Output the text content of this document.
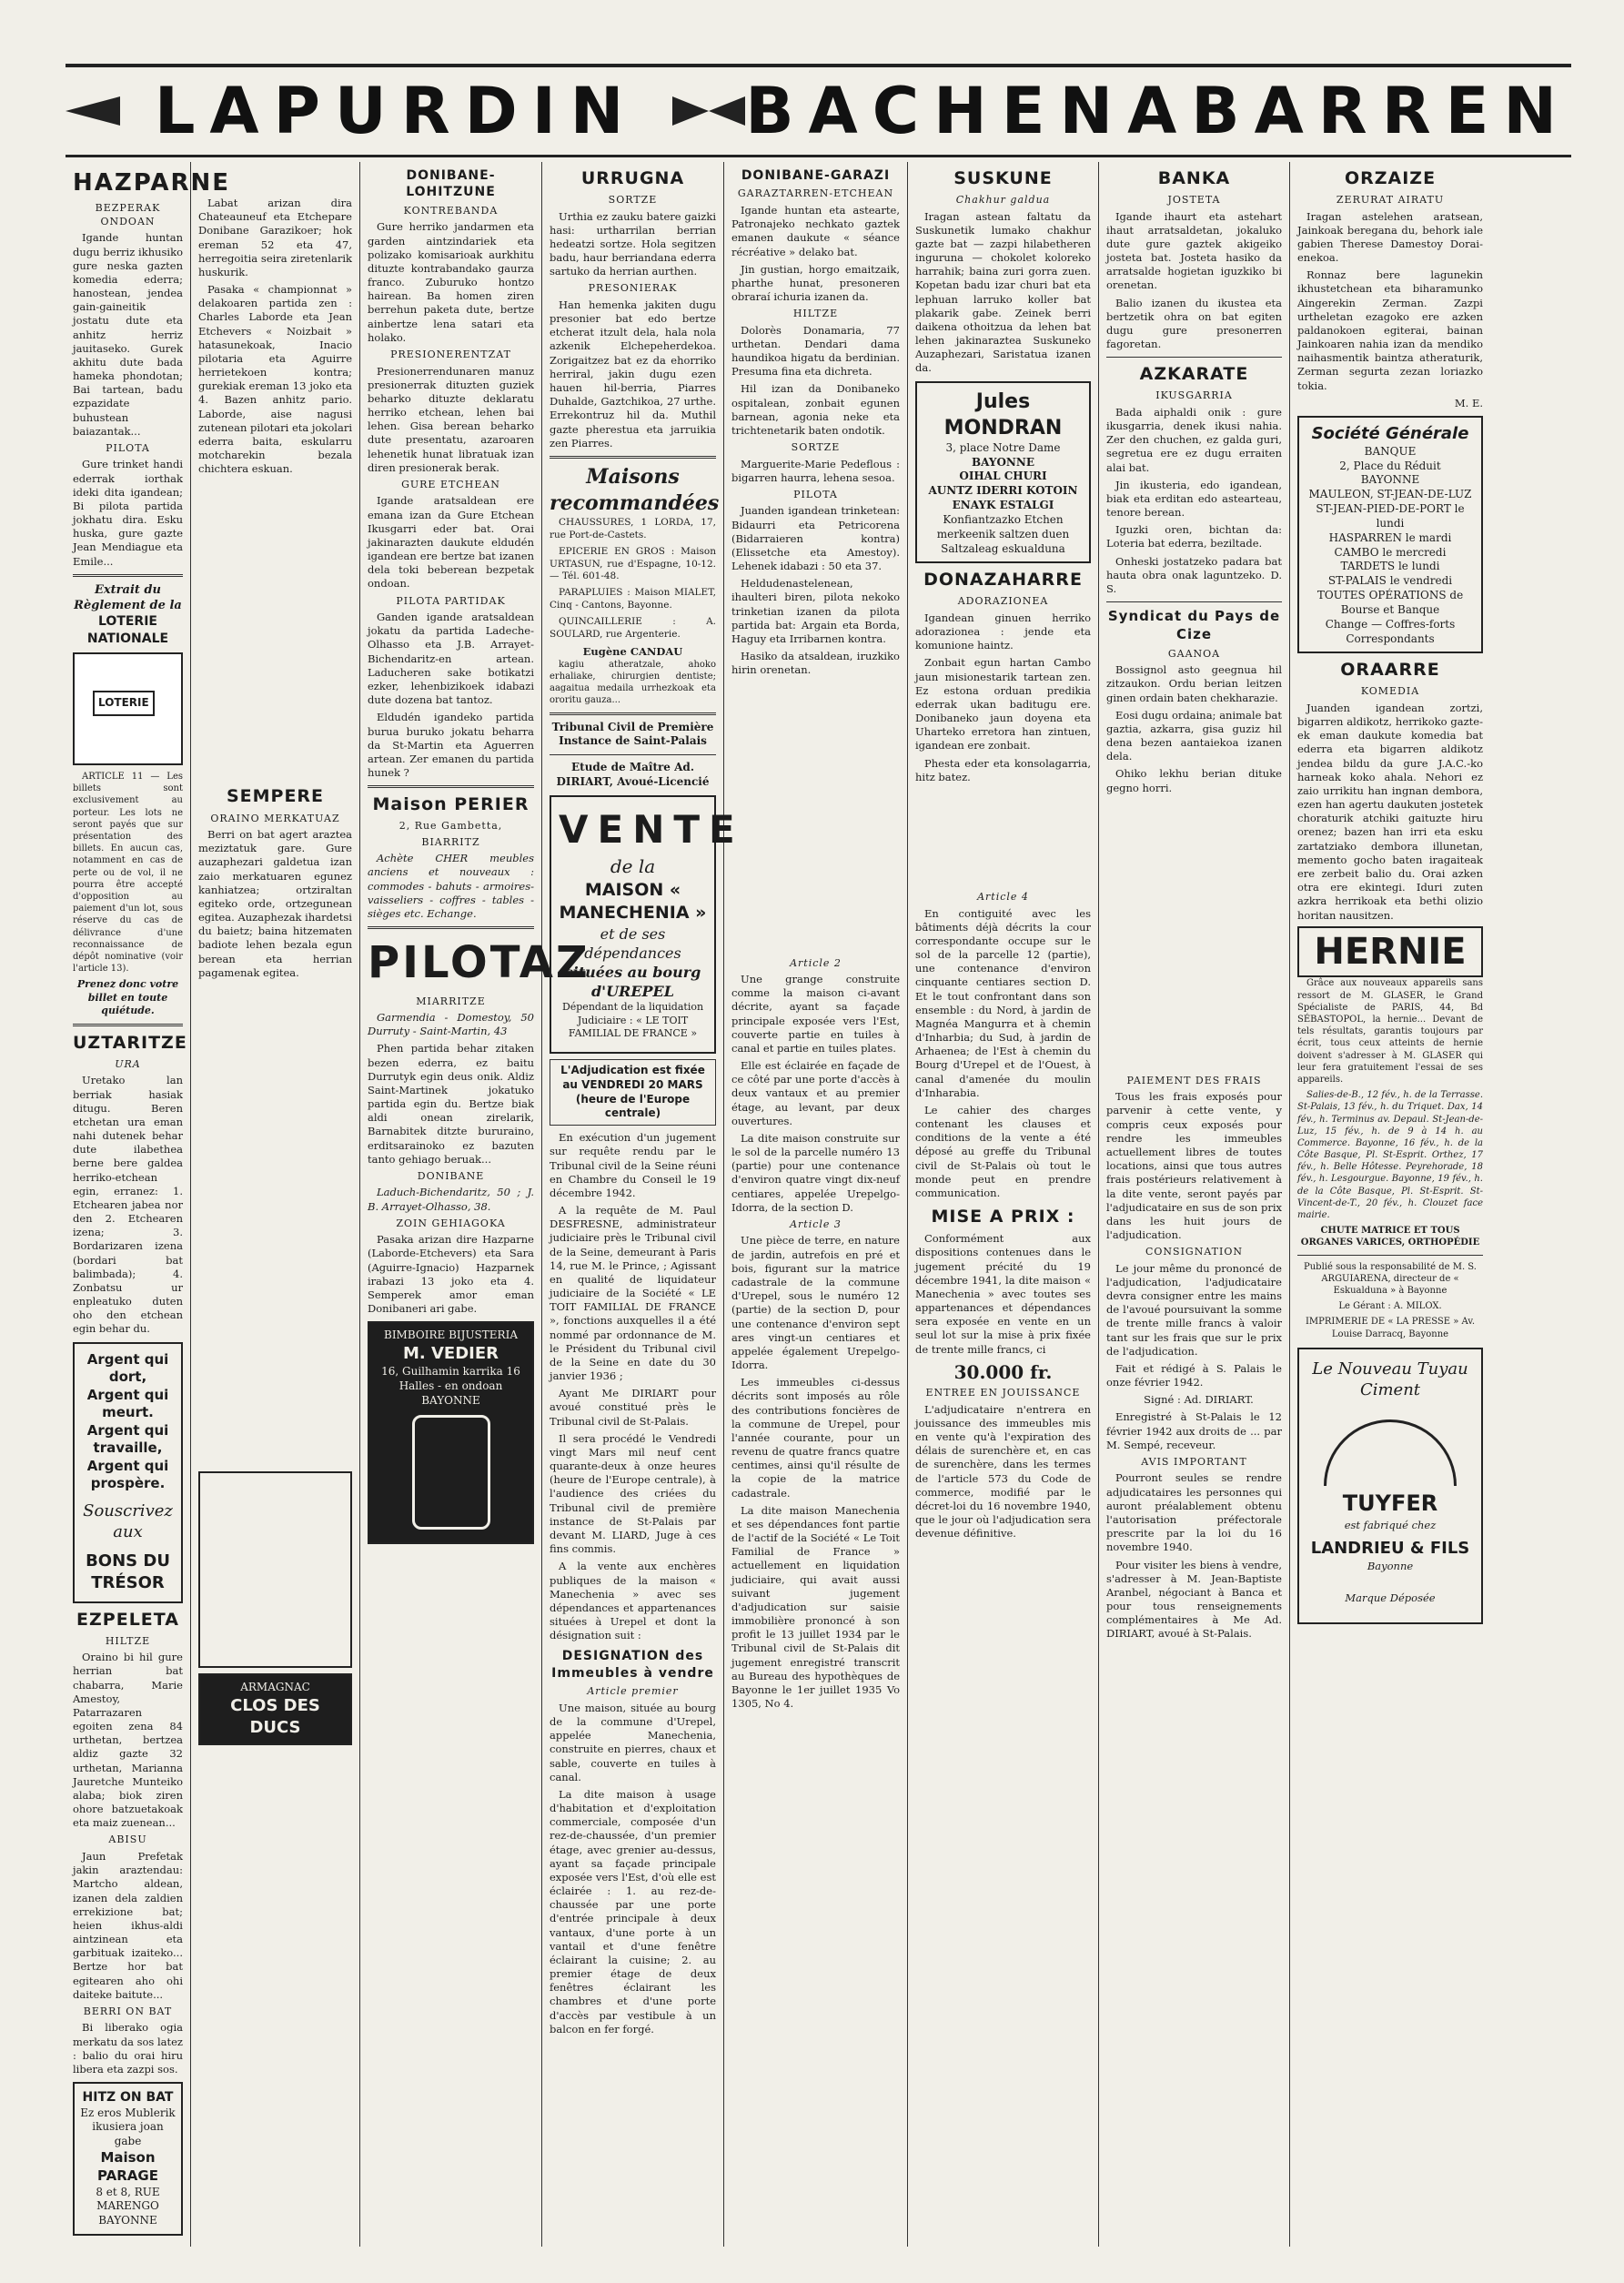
LAPURDIN	BACHENABARREN
HAZPARNE
BEZPERAK ONDOAN

Igande huntan dugu berriz ikhusiko gure neska gazten komedia ederra; hanostean, jendea gain-gaineitik jostatu dute eta anhitz herriz jauitaseko. Gurek akhitu dute bada hameka phondotan; Bai tartean, badu ezpazidate buhustean baiazantak...

PILOTA

Gure trinket handi ederrak iorthak ideki dita igandean; Bi pilota partida jokhatu dira. Esku huska, gure gazte Jean Mendiague eta Emile...

Extrait du Règlement de la
LOTERIE NATIONALE
LOTERIE

ARTICLE 11 — Les billets sont exclusivement au porteur. Les lots ne seront payés que sur présentation des billets. En aucun cas, notamment en cas de perte ou de vol, il ne pourra être accepté d'opposition au paiement d'un lot, sous réserve du cas de délivrance d'une reconnaissance de dépôt nominative (voir l'article 13).

Prenez donc votre billet en toute quiétude.
UZTARITZE
URA

Uretako lan berriak hasiak ditugu. Beren etchetan ura eman nahi dutenek behar dute ilabethea berne bere galdea herriko-etchean egin, erranez: 1. Etchearen jabea nor den 2. Etchearen izena; 3. Bordarizaren izena (bordari bat balimbada); 4. Zonbatsu ur enpleatuko duten oho den etchean egin behar du.

Argent qui dort,
Argent qui meurt.
Argent qui travaille,
Argent qui prospère.
Souscrivez aux
BONS DU TRÉSOR
EZPELETA
HILTZE

Oraino bi hil gure herrian bat chabarra, Marie Amestoy, Patarrazaren egoiten zena 84 urthetan, bertzea aldiz gazte 32 urthetan, Marianna Jauretche Munteiko alaba; biok ziren ohore batzuetakoak eta maiz zuenean...

ABISU

Jaun Prefetak jakin araztendau: Martcho aldean, izanen dela zaldien errekizione bat; heien ikhus-aldi aintzinean eta garbituak izaiteko... Bertze hor bat egitearen aho ohi daiteke baitute...

BERRI ON BAT

Bi liberako ogia merkatu da sos latez : balio du orai hiru libera eta zazpi sos.

HITZ ON BAT
Ez eros Mublerik ikusiera joan gabe
Maison PARAGE
8 et 8, RUE MARENGO
BAYONNE

Labat arizan dira Chateauneuf eta Etchepare Donibane Garazikoer; hok ereman 52 eta 47, herregoitia seira ziretenlarik huskurik.

Pasaka « championnat » delakoaren partida zen : Charles Laborde eta Jean Etchevers « Noizbait » hatasunekoak, Inacio pilotaria eta Aguirre herrietekoen kontra; gurekiak ereman 13 joko eta 4. Bazen anhitz pario. Laborde, aise nagusi zutenean pilotari eta jokolari ederra baita, eskularru motcharekin bezala chichtera eskuan.

SEMPERE
ORAINO MERKATUAZ

Berri on bat agert araztea meziztatuk gare. Gure auzaphezari galdetua izan zaio merkatuaren egunez kanhiatzea; ortziraltan egiteko orde, ortzegunean egitea. Auzaphezak ihardetsi du baietz; baina hitzematen badiote lehen bezala egun berean eta herrian pagamenak egitea.

ARMAGNAC
CLOS DES DUCS
DONIBANE-LOHITZUNE
KONTREBANDA

Gure herriko jandarmen eta garden aintzindariek eta polizako komisarioak aurkhitu dituzte kontrabandako gaurza franco. Zuburuko hontzo hairean. Ba homen ziren berrehun paketa dute, bertze ainbertze lena satari eta holako.

PRESIONERENTZAT

Presionerrendunaren manuz presionerrak dituzten guziek beharko dituzte deklaratu herriko etchean, lehen bai lehen. Gisa berean beharko dute presentatu, azaroaren lehenetik hunat libratuak izan diren presionerak berak.

GURE ETCHEAN

Igande aratsaldean ere emana izan da Gure Etchean Ikusgarri eder bat. Orai jakinarazten daukute eldudén igandean ere bertze bat izanen dela toki beberean bezpetak ondoan.

PILOTA PARTIDAK

Ganden igande aratsaldean jokatu da partida Ladeche-Olhasso eta J.B. Arrayet-Bichendaritz-en artean. Laducheren sake botikatzi ezker, lehenbizikoek idabazi dute dozena bat tantoz.

Eldudén igandeko partida burua buruko jokatu beharra da St-Martin eta Aguerren artean. Zer emanen du partida hunek ?

Maison PERIER
2, Rue Gambetta,
BIARRITZ

Achète CHER meubles anciens et nouveaux : commodes - bahuts - armoires-vaisseliers - coffres - tables - sièges etc. Echange.

PILOTAZ
MIARRITZE

Garmendia - Domestoy, 50 Durruty - Saint-Martin, 43

Phen partida behar zitaken bezen ederra, ez baitu Durrutyk egin deus onik. Aldiz Saint-Martinek jokatuko partida egin du. Bertze biak aldi onean zirelarik, Barnabitek ditzte bururaino, erditsarainoko ez bazuten tanto gehiago beruak...

DONIBANE

Laduch-Bichendaritz, 50 ; J. B. Arrayet-Olhasso, 38.

ZOIN GEHIAGOKA

Pasaka arizan dire Hazparne (Laborde-Etchevers) eta Sara (Aguirre-Ignacio) Hazparnek irabazi 13 joko eta 4. Semperek amor eman Donibaneri ari gabe.

BIMBOIRE BIJUSTERIA
M. VEDIER
16, Guilhamin karrika 16
Halles - en ondoan BAYONNE
URRUGNA
SORTZE

Urthia ez zauku batere gaizki hasi: urtharrilan berrian hedeatzi sortze. Hola segitzen badu, haur berriandana ederra sartuko da herrian aurthen.

PRESONIERAK

Han hemenka jakiten dugu presonier bat edo bertze etcherat itzult dela, hala nola azkenik Elchepeherdekoa. Zorigaitzez bat ez da ehorriko herriral, jakin dugu ezen hauen hil-berria, Piarres Duhalde, Gaztchikoa, 27 urthe. Errekontruz hil da. Muthil gazte pherestua eta jarruikia zen Piarres.

Maisons
recommandées

CHAUSSURES, 1 LORDA, 17, rue Port-de-Castets.

EPICERIE EN GROS : Maison URTASUN, rue d'Espagne, 10-12. — Tél. 601-48.

PARAPLUIES : Maison MIALET, Cinq - Cantons, Bayonne.

QUINCAILLERIE : A. SOULARD, rue Argenterie.

Eugène CANDAU

kagiu atheratzale, ahoko erhaliake, chirurgien dentiste; aagaitua medaila urrhezkoak eta ororitu gauza...

Tribunal Civil de Première Instance de Saint-Palais
Etude de Maître Ad. DIRIART, Avoué-Licencié
VENTE
de la
MAISON « MANECHENIA »
et de ses dépendances
situées au bourg d'UREPEL

Dépendant de la liquidation Judiciaire : « LE TOIT FAMILIAL DE FRANCE »

L'Adjudication est fixée au VENDREDI 20 MARS (heure de l'Europe centrale)

En exécution d'un jugement sur requête rendu par le Tribunal civil de la Seine réuni en Chambre du Conseil le 19 décembre 1942.

A la requête de M. Paul DESFRESNE, administrateur judiciaire près le Tribunal civil de la Seine, demeurant à Paris 14, rue M. le Prince, ; Agissant en qualité de liquidateur judiciaire de la Société « LE TOIT FAMILIAL DE FRANCE », fonctions auxquelles il a été nommé par ordonnance de M. le Président du Tribunal civil de la Seine en date du 30 janvier 1936 ;

Ayant Me DIRIART pour avoué constitué près le Tribunal civil de St-Palais.

Il sera procédé le Vendredi vingt Mars mil neuf cent quarante-deux à onze heures (heure de l'Europe centrale), à l'audience des criées du Tribunal civil de première instance de St-Palais par devant M. LIARD, Juge à ces fins commis.

A la vente aux enchères publiques de la maison « Manechenia » avec ses dépendances et appartenances situées à Urepel et dont la désignation suit :

DESIGNATION des Immeubles à vendre
Article premier

Une maison, située au bourg de la commune d'Urepel, appelée Manechenia, construite en pierres, chaux et sable, couverte en tuiles à canal.

La dite maison à usage d'habitation et d'exploitation commerciale, composée d'un rez-de-chaussée, d'un premier étage, avec grenier au-dessus, ayant sa façade principale exposée vers l'Est, d'où elle est éclairée : 1. au rez-de-chaussée par une porte d'entrée principale à deux vantaux, d'une porte à un vantail et d'une fenêtre éclairant la cuisine; 2. au premier étage de deux fenêtres éclairant les chambres et d'une porte d'accès par vestibule à un balcon en fer forgé.

DONIBANE-GARAZI
GARAZTARREN-ETCHEAN

Igande huntan eta astearte, Patronajeko nechkato gaztek emanen daukute « séance récréative » delako bat.

Jin gustian, horgo emaitzaik, pharthe hunat, presoneren obraraí ichuria izanen da.

HILTZE

Dolorès Donamaria, 77 urthetan. Dendari dama haundikoa higatu da berdinian. Presuma fina eta dichreta.

Hil izan da Donibaneko ospitalean, zonbait egunen barnean, agonia neke eta trichtenetarik baten ondotik.

SORTZE

Marguerite-Marie Pedeflous : bigarren haurra, lehena sesoa.

PILOTA

Juanden igandean trinketean: Bidaurri eta Petricorena (Bidarraieren kontra) (Elissetche eta Amestoy). Lehenek idabazi : 50 eta 37.

Heldudenastelenean, ihaulteri biren, pilota nekoko trinketian izanen da pilota partida bat: Argain eta Borda, Haguy eta Irribarnen kontra.

Hasiko da atsaldean, iruzkiko hirin orenetan.

Article 2

Une grange construite comme la maison ci-avant décrite, ayant sa façade principale exposée vers l'Est, couverte partie en tuiles à canal et partie en tuiles plates.

Elle est éclairée en façade de ce côté par une porte d'accès à deux vantaux et au premier étage, au levant, par deux ouvertures.

La dite maison construite sur le sol de la parcelle numéro 13 (partie) pour une contenance d'environ quatre vingt dix-neuf centiares, appelée Urepelgo-Idorra, de la section D.

Article 3

Une pièce de terre, en nature de jardin, autrefois en pré et bois, figurant sur la matrice cadastrale de la commune d'Urepel, sous le numéro 12 (partie) de la section D, pour une contenance d'environ sept ares vingt-un centiares et appelée également Urepelgo-Idorra.

Les immeubles ci-dessus décrits sont imposés au rôle des contributions foncières de la commune de Urepel, pour l'année courante, pour un revenu de quatre francs quatre centimes, ainsi qu'il résulte de la copie de la matrice cadastrale.

La dite maison Manechenia et ses dépendances font partie de l'actif de la Société « Le Toit Familial de France » actuellement en liquidation judiciaire, qui avait aussi suivant jugement d'adjudication sur saisie immobilière prononcé à son profit le 13 juillet 1934 par le Tribunal civil de St-Palais dit jugement enregistré transcrit au Bureau des hypothèques de Bayonne le 1er juillet 1935 Vo 1305, No 4.

SUSKUNE
Chakhur galdua

Iragan astean faltatu da Suskunetik lumako chakhur gazte bat — zazpi hilabetheren inguruna — chokolet koloreko harrahik; baina zuri gorra zuen. Kopetan badu izar churi bat eta lephuan larruko koller bat plakarik gabe. Zeinek berri daikena othoitzua da lehen bat lehen jakinaraztea Suskuneko Auzaphezari, Saristatua izanen da.

Jules MONDRAN
3, place Notre Dame
BAYONNE
OIHAL CHURI
AUNTZ IDERRI KOTOIN
ENAYK ESTALGI
Konfiantzazko Etchen merkeenik saltzen duen Saltzaleag eskualduna
DONAZAHARRE
ADORAZIONEA

Igandean ginuen herriko adorazionea : jende eta komunione haintz.

Zonbait egun hartan Cambo jaun misionestarik tartean zen. Ez estona orduan predikia ederrak ukan baditugu ere. Donibaneko jaun doyena eta Uharteko erretora han zintuen, igandean ere zonbait.

Phesta eder eta konsolagarria, hitz batez.

Article 4

En contiguité avec les bâtiments déjà décrits la cour correspondante occupe sur le sol de la parcelle 12 (partie), une contenance d'environ cinquante centiares section D. Et le tout confrontant dans son ensemble : du Nord, à jardin de Magnéa Mangurra et à chemin d'Inharbia; du Sud, à jardin de Arhaenea; de l'Est à chemin du Bourg d'Urepel et de l'Ouest, à canal d'amenée du moulin d'Inharabia.

Le cahier des charges contenant les clauses et conditions de la vente a été déposé au greffe du Tribunal civil de St-Palais où tout le monde peut en prendre communication.

MISE A PRIX :

Conformément aux dispositions contenues dans le jugement précité du 19 décembre 1941, la dite maison « Manechenia » avec toutes ses appartenances et dépendances sera exposée en vente en un seul lot sur la mise à prix fixée de trente mille francs, ci

30.000 fr.
ENTREE EN JOUISSANCE

L'adjudicataire n'entrera en jouissance des immeubles mis en vente qu'à l'expiration des délais de surenchère et, en cas de surenchère, dans les termes de l'article 573 du Code de commerce, modifié par le décret-loi du 16 novembre 1940, que le jour où l'adjudication sera devenue définitive.

BANKA
JOSTETA

Igande ihaurt eta astehart ihaut arratsaldetan, jokaluko dute gure gaztek akigeiko josteta bat. Josteta hasiko da arratsalde hogietan iguzkiko bi orenetan.

Balio izanen du ikustea eta bertzetik ohra on bat egiten dugu gure presonerren fagoretan.

AZKARATE
IKUSGARRIA

Bada aiphaldi onik : gure ikusgarria, denek ikusi nahia. Zer den chuchen, ez galda guri, segretua ere ez dugu erraiten alai bat.

Jin ikusteria, edo igandean, biak eta erditan edo astearteau, tenore berean.

Iguzki oren, bichtan da: Loteria bat ederra, beziltade.

Onheski jostatzeko padara bat hauta obra onak laguntzeko. D. S.

Syndicat du Pays de Cize
GAANOA

Bossignol asto geegnua hil zitzaukon. Ordu berian leitzen ginen ordain baten chekharazie.

Eosi dugu ordaina; animale bat gaztia, azkarra, gisa guziz hil dena bezen aantaiekoa izanen dela.

Ohiko lekhu berian dituke gegno horri.

PAIEMENT DES FRAIS

Tous les frais exposés pour parvenir à cette vente, y compris ceux exposés pour rendre les immeubles actuellement libres de toutes locations, ainsi que tous autres frais postérieurs relativement à la dite vente, seront payés par l'adjudicataire en sus de son prix dans les huit jours de l'adjudication.

CONSIGNATION

Le jour même du prononcé de l'adjudication, l'adjudicataire devra consigner entre les mains de l'avoué poursuivant la somme de trente mille francs à valoir tant sur les frais que sur le prix de l'adjudication.

Fait et rédigé à S. Palais le onze février 1942.

Signé : Ad. DIRIART.

Enregistré à St-Palais le 12 février 1942 aux droits de ... par M. Sempé, receveur.

AVIS IMPORTANT

Pourront seules se rendre adjudicataires les personnes qui auront préalablement obtenu l'autorisation préfectorale prescrite par la loi du 16 novembre 1940.

Pour visiter les biens à vendre, s'adresser à M. Jean-Baptiste Aranbel, négociant à Banca et pour tous renseignements complémentaires à Me Ad. DIRIART, avoué à St-Palais.

ORZAIZE
ZERURAT AIRATU

Iragan astelehen aratsean, Jainkoak beregana du, behork iale gabien Therese Damestoy Dorai-enekoa.

Ronnaz bere lagunekin ikhustetchean eta biharamunko Aingerekin Zerman. Zazpi urtheletan ezagoko ere azken paldanokoen egiterai, bainan Jainkoaren nahia izan da mendiko naihasmentik baintza atheraturik, Zerman segurta zezan loriazko tokia.

M. E.
Société Générale
BANQUE
2, Place du Réduit
BAYONNE
MAULEON, ST-JEAN-DE-LUZ
ST-JEAN-PIED-DE-PORT le lundi
HASPARREN le mardi
CAMBO le mercredi
TARDETS le lundi
ST-PALAIS le vendredi
TOUTES OPÉRATIONS de Bourse et Banque
Change — Coffres-forts
Correspondants
ORAARRE
KOMEDIA

Juanden igandean zortzi, bigarren aldikotz, herrikoko gazte-ek eman daukute komedia bat ederra eta bigarren aldikotz jendea bildu da gure J.A.C.-ko harneak koko ahala. Nehori ez zaio urrikitu han ingnan dembora, ezen han agertu daukuten jostetek choraturik atchiki gaituzte hiru orenez; bazen han irri eta esku zartatziako dembora illunetan, memento gocho baten iragaiteak ere zerbeit balio du. Orai azken otra ere ekintegi. Iduri zuten azkra herrikoak eta bethi olizio horitan nausitzen.

HERNIE

Grâce aux nouveaux appareils sans ressort de M. GLASER, le Grand Spécialiste de PARIS, 44, Bd SÉBASTOPOL, la hernie... Devant de tels résultats, garantis toujours par écrit, tous ceux atteints de hernie doivent s'adresser à M. GLASER qui leur fera gratuitement l'essai de ses appareils.

Salies-de-B., 12 fév., h. de la Terrasse. St-Palais, 13 fév., h. du Triquet. Dax, 14 fév., h. Terminus av. Depaul. St-Jean-de-Luz, 15 fév., h. de 9 à 14 h. au Commerce. Bayonne, 16 fév., h. de la Côte Basque, Pl. St-Esprit. Orthez, 17 fév., h. Belle Hôtesse. Peyrehorade, 18 fév., h. Lesgourgue. Bayonne, 19 fév., h. de la Côte Basque, Pl. St-Esprit. St-Vincent-de-T., 20 fév., h. Clouzet face mairie.

CHUTE MATRICE ET TOUS ORGANES VARICES, ORTHOPÉDIE

Publié sous la responsabilité de M. S. ARGUIARENA, directeur de « Eskualduna » à Bayonne

Le Gérant : A. MILOX.

IMPRIMERIE DE « LA PRESSE » Av. Louise Darracq, Bayonne

Le Nouveau Tuyau Ciment
TUYFER
est fabriqué chez
LANDRIEU & FILS
Bayonne
Marque Déposée
